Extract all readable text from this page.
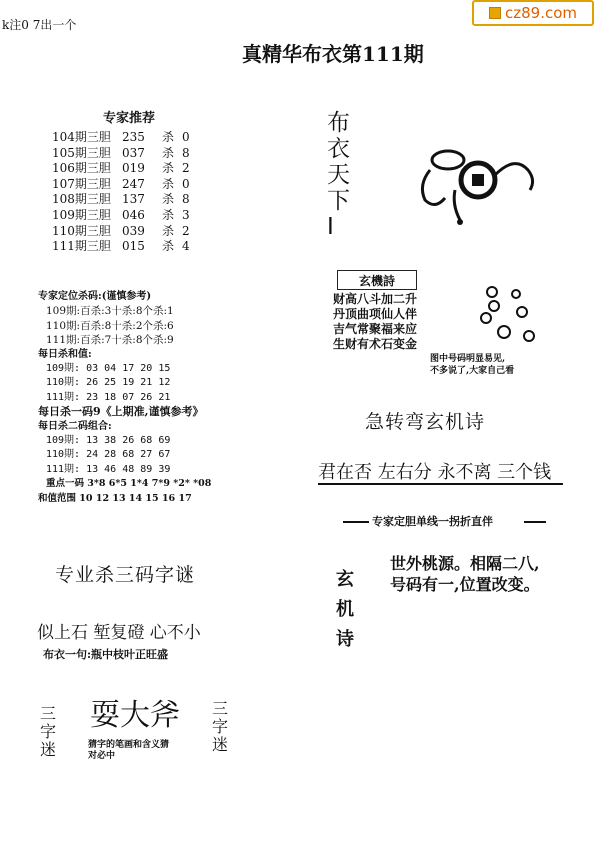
cz89.com
k注0 7出一个
真精华布衣第111期
专家推荐
104期三胆 235 杀 0
105期三胆 037 杀 8
106期三胆 019 杀 2
107期三胆 247 杀 0
108期三胆 137 杀 8
109期三胆 046 杀 3
110期三胆 039 杀 2
111期三胆 015 杀 4
专家定位杀码:(谨慎参考)
109期:百杀:3十杀:8个杀:1
110期:百杀:8十杀:2个杀:6
111期:百杀:7十杀:8个杀:9
每日杀和值:
109期: 03 04 17 20 15
110期: 26 25 19 21 12
111期: 23 18 07 26 21
每日杀一码9《上期准,谨慎参考》
每日杀二码组合:
109期: 13 38 26 68 69
110期: 24 28 68 27 67
111期: 13 46 48 89 39
重点一码 3*8 6*5 1*4 7*9 *2* *08
和值范围 10 12 13 14 15 16 17
专业杀三码字谜
似上石 堑复磴 心不小
布衣一句:瓶中枝叶正旺盛
三
字
迷
耍大斧
猜字的笔画和含义猜
对必中
三
字
迷
布
衣
天
下
I
玄機詩
财高八斗加二升
丹顶曲项仙人伴
吉气常聚福来应
生财有术石变金
图中号码明显易见,
不多说了,大家自己看
急转弯玄机诗
君在否 左右分 永不离 三个钱
专家定胆单线一拐折直伴
玄
机
诗
世外桃源。相隔二八,
号码有一,位置改变。
